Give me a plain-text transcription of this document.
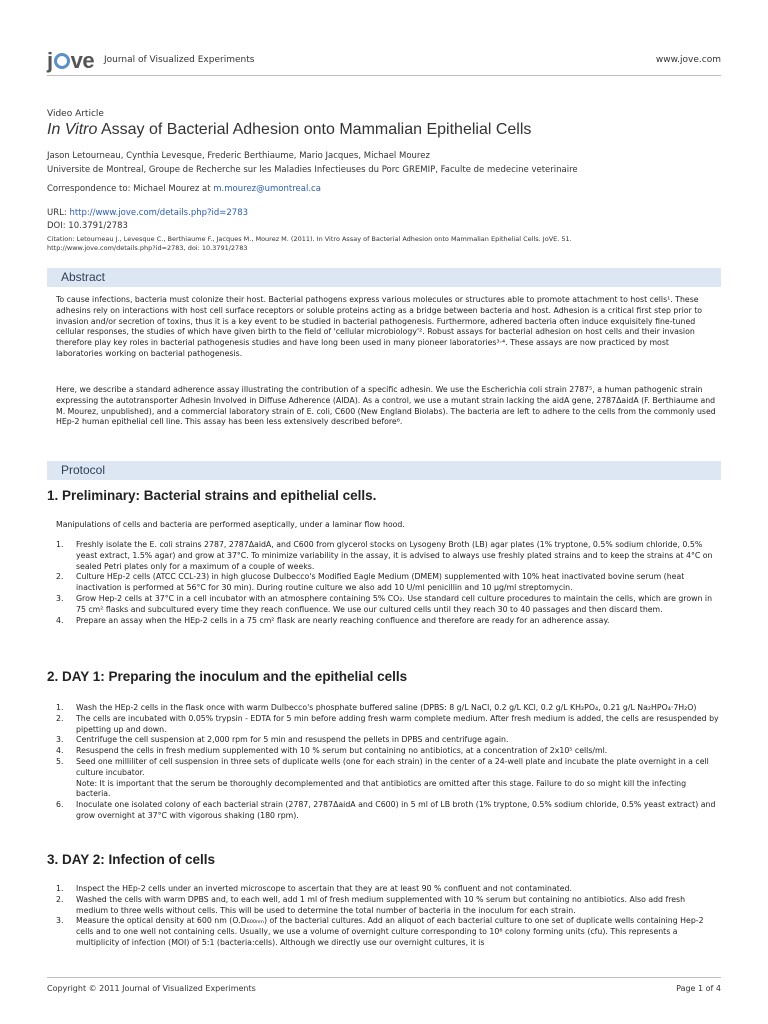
j ve Journal of Visualized Experiments	www.jove.com
Video Article
In Vitro Assay of Bacterial Adhesion onto Mammalian Epithelial Cells
Jason Letourneau, Cynthia Levesque, Frederic Berthiaume, Mario Jacques, Michael Mourez
Universite de Montreal, Groupe de Recherche sur les Maladies Infectieuses du Porc GREMIP, Faculte de medecine veterinaire
Correspondence to: Michael Mourez at m.mourez@umontreal.ca
URL: http://www.jove.com/details.php?id=2783
DOI: 10.3791/2783
Citation: Letourneau J., Levesque C., Berthiaume F., Jacques M., Mourez M. (2011). In Vitro Assay of Bacterial Adhesion onto Mammalian Epithelial Cells. JoVE. 51.
http://www.jove.com/details.php?id=2783, doi: 10.3791/2783
Abstract
To cause infections, bacteria must colonize their host. Bacterial pathogens express various molecules or structures able to promote attachment to host cells¹. These adhesins rely on interactions with host cell surface receptors or soluble proteins acting as a bridge between bacteria and host. Adhesion is a critical first step prior to invasion and/or secretion of toxins, thus it is a key event to be studied in bacterial pathogenesis. Furthermore, adhered bacteria often induce exquisitely fine-tuned cellular responses, the studies of which have given birth to the field of 'cellular microbiology'². Robust assays for bacterial adhesion on host cells and their invasion therefore play key roles in bacterial pathogenesis studies and have long been used in many pioneer laboratories³·⁴. These assays are now practiced by most laboratories working on bacterial pathogenesis.
Here, we describe a standard adherence assay illustrating the contribution of a specific adhesin. We use the Escherichia coli strain 2787⁵, a human pathogenic strain expressing the autotransporter Adhesin Involved in Diffuse Adherence (AIDA). As a control, we use a mutant strain lacking the aidA gene, 2787ΔaidA (F. Berthiaume and M. Mourez, unpublished), and a commercial laboratory strain of E. coli, C600 (New England Biolabs). The bacteria are left to adhere to the cells from the commonly used HEp-2 human epithelial cell line. This assay has been less extensively described before⁶.
Protocol
1. Preliminary: Bacterial strains and epithelial cells.
Manipulations of cells and bacteria are performed aseptically, under a laminar flow hood.
1. Freshly isolate the E. coli strains 2787, 2787ΔaidA, and C600 from glycerol stocks on Lysogeny Broth (LB) agar plates (1% tryptone, 0.5% sodium chloride, 0.5% yeast extract, 1.5% agar) and grow at 37°C. To minimize variability in the assay, it is advised to always use freshly plated strains and to keep the strains at 4°C on sealed Petri plates only for a maximum of a couple of weeks.
2. Culture HEp-2 cells (ATCC CCL-23) in high glucose Dulbecco's Modified Eagle Medium (DMEM) supplemented with 10% heat inactivated bovine serum (heat inactivation is performed at 56°C for 30 min). During routine culture we also add 10 U/ml penicillin and 10 µg/ml streptomycin.
3. Grow Hep-2 cells at 37°C in a cell incubator with an atmosphere containing 5% CO₂. Use standard cell culture procedures to maintain the cells, which are grown in 75 cm² flasks and subcultured every time they reach confluence. We use our cultured cells until they reach 30 to 40 passages and then discard them.
4. Prepare an assay when the HEp-2 cells in a 75 cm² flask are nearly reaching confluence and therefore are ready for an adherence assay.
2. DAY 1: Preparing the inoculum and the epithelial cells
1. Wash the HEp-2 cells in the flask once with warm Dulbecco's phosphate buffered saline (DPBS: 8 g/L NaCl, 0.2 g/L KCl, 0.2 g/L KH₂PO₄, 0.21 g/L Na₂HPO₄·7H₂O)
2. The cells are incubated with 0.05% trypsin - EDTA for 5 min before adding fresh warm complete medium. After fresh medium is added, the cells are resuspended by pipetting up and down.
3. Centrifuge the cell suspension at 2,000 rpm for 5 min and resuspend the pellets in DPBS and centrifuge again.
4. Resuspend the cells in fresh medium supplemented with 10 % serum but containing no antibiotics, at a concentration of 2x10⁵ cells/ml.
5. Seed one milliliter of cell suspension in three sets of duplicate wells (one for each strain) in the center of a 24-well plate and incubate the plate overnight in a cell culture incubator.
Note: It is important that the serum be thoroughly decomplemented and that antibiotics are omitted after this stage. Failure to do so might kill the infecting bacteria.
6. Inoculate one isolated colony of each bacterial strain (2787, 2787ΔaidA and C600) in 5 ml of LB broth (1% tryptone, 0.5% sodium chloride, 0.5% yeast extract) and grow overnight at 37°C with vigorous shaking (180 rpm).
3. DAY 2: Infection of cells
1. Inspect the HEp-2 cells under an inverted microscope to ascertain that they are at least 90 % confluent and not contaminated.
2. Washed the cells with warm DPBS and, to each well, add 1 ml of fresh medium supplemented with 10 % serum but containing no antibiotics. Also add fresh medium to three wells without cells. This will be used to determine the total number of bacteria in the inoculum for each strain.
3. Measure the optical density at 600 nm (O.D₆₀₀ₙₘ) of the bacterial cultures. Add an aliquot of each bacterial culture to one set of duplicate wells containing Hep-2 cells and to one well not containing cells. Usually, we use a volume of overnight culture corresponding to 10⁶ colony forming units (cfu). This represents a multiplicity of infection (MOI) of 5:1 (bacteria:cells). Although we directly use our overnight cultures, it is
Copyright © 2011 Journal of Visualized Experiments	Page 1 of 4
